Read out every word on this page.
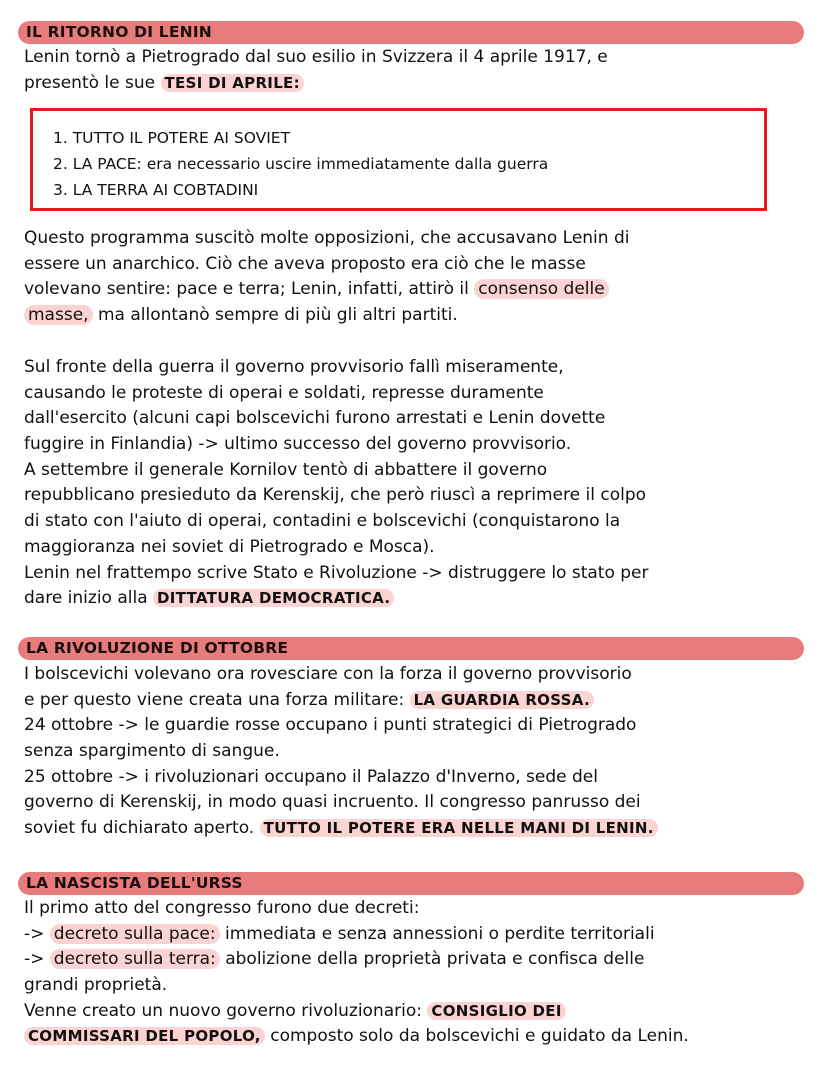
IL RITORNO DI LENIN
Lenin tornò a Pietrogrado dal suo esilio in Svizzera il 4 aprile 1917, e
presentò le sue TESI DI APRILE:
1. TUTTO IL POTERE AI SOVIET
2. LA PACE: era necessario uscire immediatamente dalla guerra
3. LA TERRA AI COBTADINI
Questo programma suscitò molte opposizioni, che accusavano Lenin di
essere un anarchico. Ciò che aveva proposto era ciò che le masse
volevano sentire: pace e terra; Lenin, infatti, attirò il consenso delle
masse, ma allontanò sempre di più gli altri partiti.
Sul fronte della guerra il governo provvisorio fallì miseramente,
causando le proteste di operai e soldati, represse duramente
dall'esercito (alcuni capi bolscevichi furono arrestati e Lenin dovette
fuggire in Finlandia) -> ultimo successo del governo provvisorio.
A settembre il generale Kornilov tentò di abbattere il governo
repubblicano presieduto da Kerenskij, che però riuscì a reprimere il colpo
di stato con l'aiuto di operai, contadini e bolscevichi (conquistarono la
maggioranza nei soviet di Pietrogrado e Mosca).
Lenin nel frattempo scrive Stato e Rivoluzione -> distruggere lo stato per
dare inizio alla DITTATURA DEMOCRATICA.
LA RIVOLUZIONE DI OTTOBRE
I bolscevichi volevano ora rovesciare con la forza il governo provvisorio
e per questo viene creata una forza militare: LA GUARDIA ROSSA.
24 ottobre -> le guardie rosse occupano i punti strategici di Pietrogrado
senza spargimento di sangue.
25 ottobre -> i rivoluzionari occupano il Palazzo d'Inverno, sede del
governo di Kerenskij, in modo quasi incruento. Il congresso panrusso dei
soviet fu dichiarato aperto. TUTTO IL POTERE ERA NELLE MANI DI LENIN.
LA NASCISTA DELL'URSS
Il primo atto del congresso furono due decreti:
-> decreto sulla pace: immediata e senza annessioni o perdite territoriali
-> decreto sulla terra: abolizione della proprietà privata e confisca delle
grandi proprietà.
Venne creato un nuovo governo rivoluzionario: CONSIGLIO DEI
COMMISSARI DEL POPOLO, composto solo da bolscevichi e guidato da Lenin.
